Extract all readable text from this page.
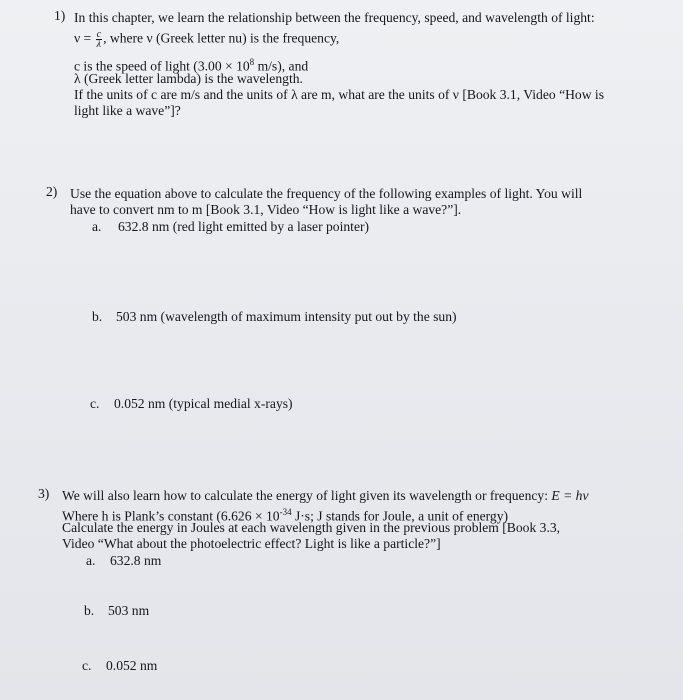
1) In this chapter, we learn the relationship between the frequency, speed, and wavelength of light:
$\nu = \frac{c}{\lambda}$ , where ν (Greek letter nu) is the frequency,
c is the speed of light ($3.00 \times 10^8$ m/s), and
λ (Greek letter lambda) is the wavelength.
If the units of c are m/s and the units of λ are m, what are the units of ν [Book 3.1, Video “How is
light like a wave”]?
2) Use the equation above to calculate the frequency of the following examples of light. You will
have to convert nm to m [Book 3.1, Video “How is light like a wave?”].
a. 632.8 nm (red light emitted by a laser pointer)
b. 503 nm (wavelength of maximum intensity put out by the sun)
c. 0.052 nm (typical medial x-rays)
3) We will also learn how to calculate the energy of light given its wavelength or frequency: E = hν
Where h is Plank’s constant ($6.626 \times 10^{-34}$ J·s; J stands for Joule, a unit of energy)
Calculate the energy in Joules at each wavelength given in the previous problem [Book 3.3,
Video “What about the photoelectric effect? Light is like a particle?”]
a. 632.8 nm
b. 503 nm
c. 0.052 nm
